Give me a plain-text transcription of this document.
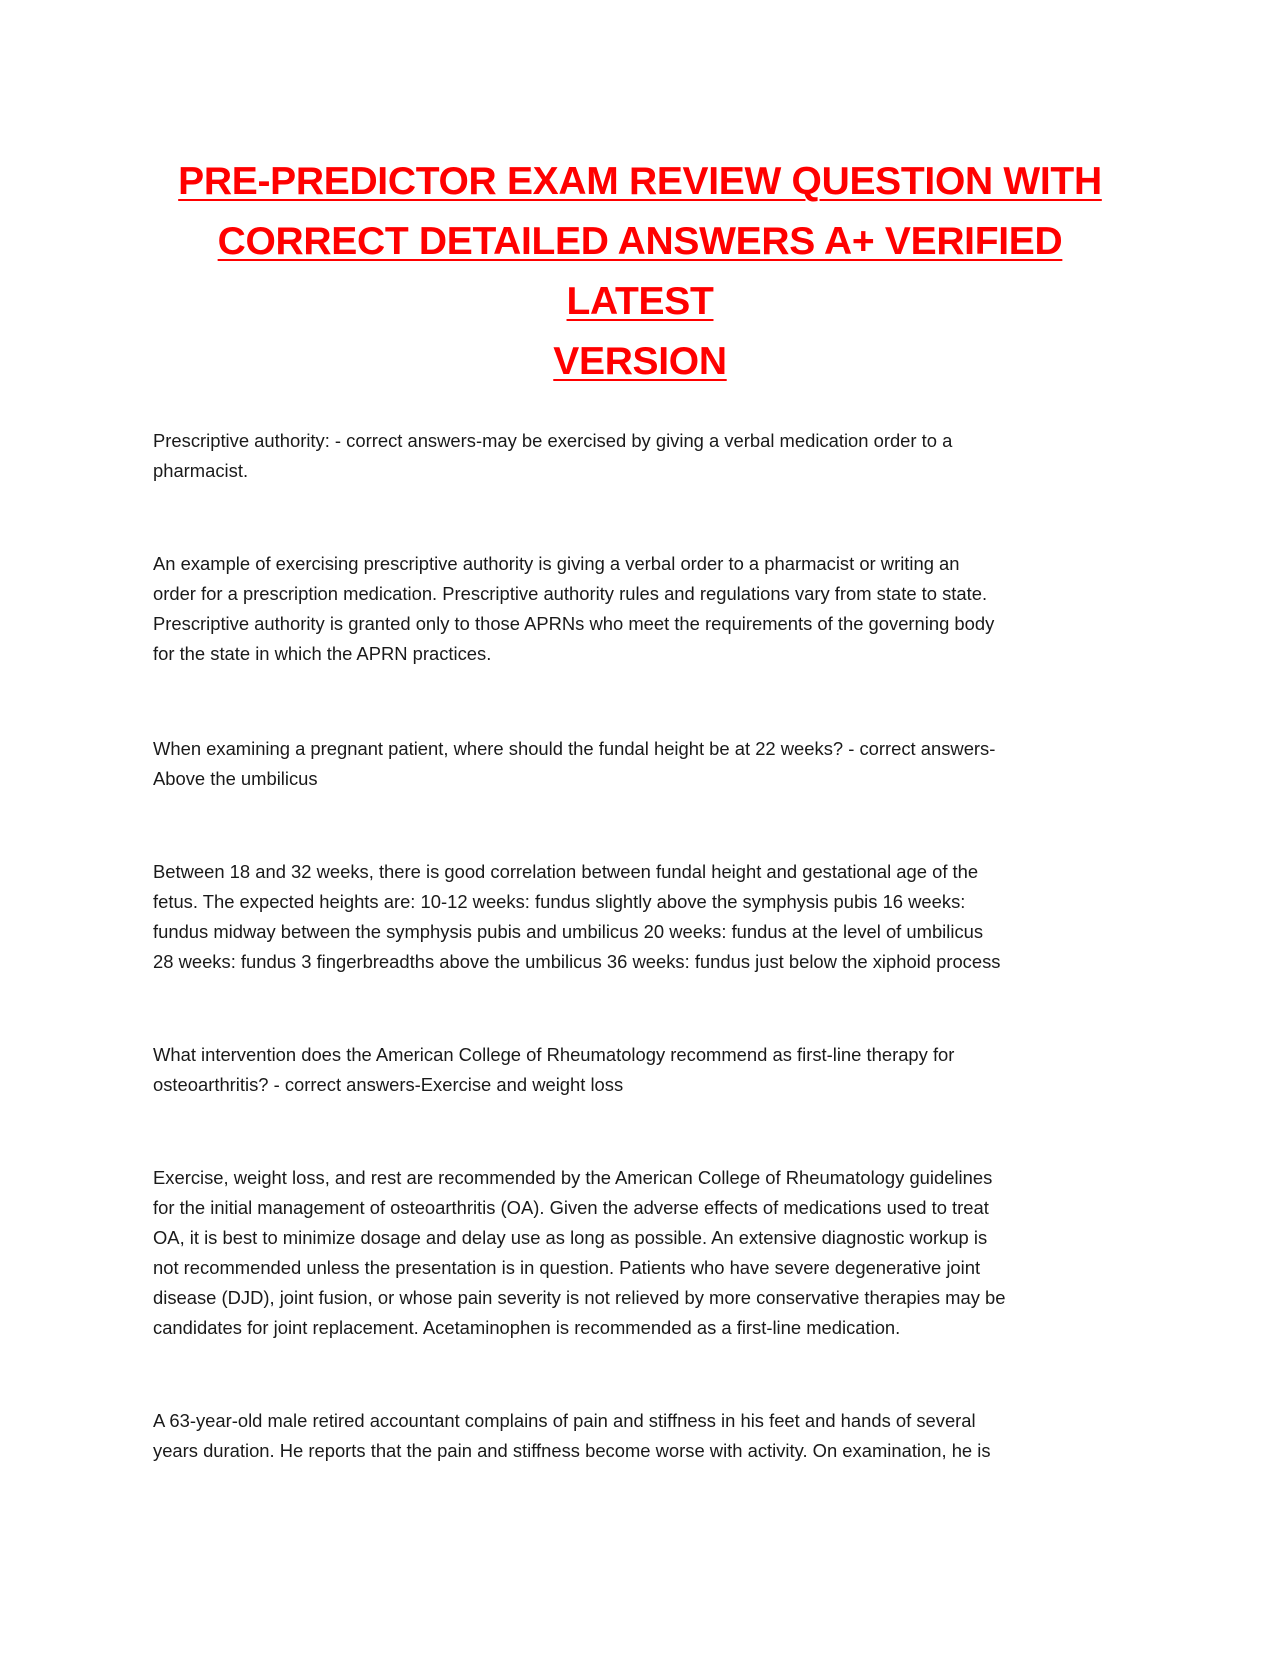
PRE-PREDICTOR EXAM REVIEW QUESTION WITH
CORRECT DETAILED ANSWERS A+ VERIFIED LATEST
VERSION

Prescriptive authority: - correct answers-may be exercised by giving a verbal medication order to a
pharmacist.

An example of exercising prescriptive authority is giving a verbal order to a pharmacist or writing an
order for a prescription medication. Prescriptive authority rules and regulations vary from state to state.
Prescriptive authority is granted only to those APRNs who meet the requirements of the governing body
for the state in which the APRN practices.

When examining a pregnant patient, where should the fundal height be at 22 weeks? - correct answers-
Above the umbilicus

Between 18 and 32 weeks, there is good correlation between fundal height and gestational age of the
fetus. The expected heights are: 10-12 weeks: fundus slightly above the symphysis pubis 16 weeks:
fundus midway between the symphysis pubis and umbilicus 20 weeks: fundus at the level of umbilicus
28 weeks: fundus 3 fingerbreadths above the umbilicus 36 weeks: fundus just below the xiphoid process

What intervention does the American College of Rheumatology recommend as first-line therapy for
osteoarthritis? - correct answers-Exercise and weight loss

Exercise, weight loss, and rest are recommended by the American College of Rheumatology guidelines
for the initial management of osteoarthritis (OA). Given the adverse effects of medications used to treat
OA, it is best to minimize dosage and delay use as long as possible. An extensive diagnostic workup is
not recommended unless the presentation is in question. Patients who have severe degenerative joint
disease (DJD), joint fusion, or whose pain severity is not relieved by more conservative therapies may be
candidates for joint replacement. Acetaminophen is recommended as a first-line medication.

A 63-year-old male retired accountant complains of pain and stiffness in his feet and hands of several
years duration. He reports that the pain and stiffness become worse with activity. On examination, he is
